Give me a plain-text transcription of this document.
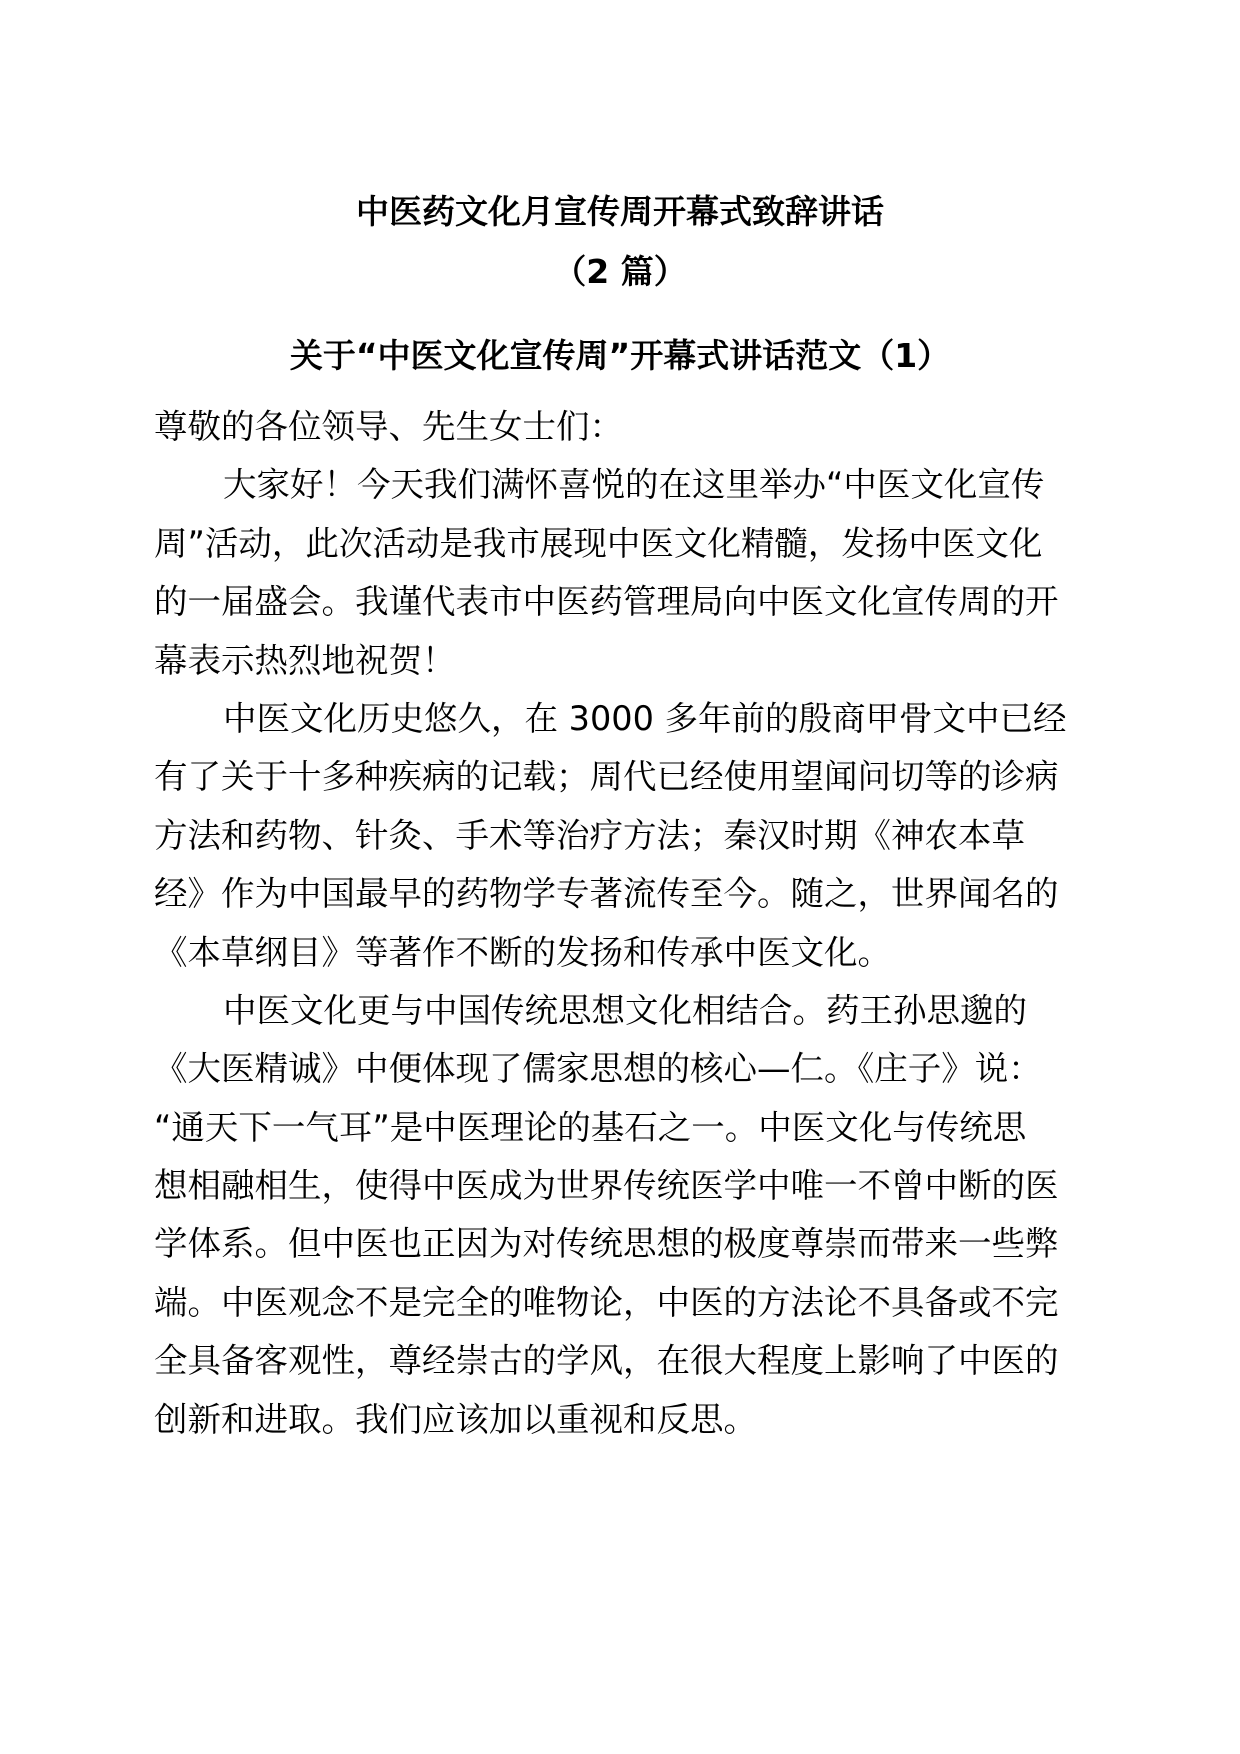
中医药文化月宣传周开幕式致辞讲话
（2 篇）
关于“中医文化宣传周”开幕式讲话范文（1）
尊敬的各位领导、先生女士们：
大家好！今天我们满怀喜悦的在这里举办“中医文化宣传
周”活动，此次活动是我市展现中医文化精髓，发扬中医文化
的一届盛会。我谨代表市中医药管理局向中医文化宣传周的开
幕表示热烈地祝贺！
中医文化历史悠久，在 3000 多年前的殷商甲骨文中已经
有了关于十多种疾病的记载；周代已经使用望闻问切等的诊病
方法和药物、针灸、手术等治疗方法；秦汉时期《神农本草
经》作为中国最早的药物学专著流传至今。随之，世界闻名的
《本草纲目》等著作不断的发扬和传承中医文化。
中医文化更与中国传统思想文化相结合。药王孙思邈的
《大医精诚》中便体现了儒家思想的核心—仁。《庄子》说：
“通天下一气耳”是中医理论的基石之一。中医文化与传统思
想相融相生，使得中医成为世界传统医学中唯一不曾中断的医
学体系。但中医也正因为对传统思想的极度尊崇而带来一些弊
端。中医观念不是完全的唯物论，中医的方法论不具备或不完
全具备客观性，尊经崇古的学风，在很大程度上影响了中医的
创新和进取。我们应该加以重视和反思。
